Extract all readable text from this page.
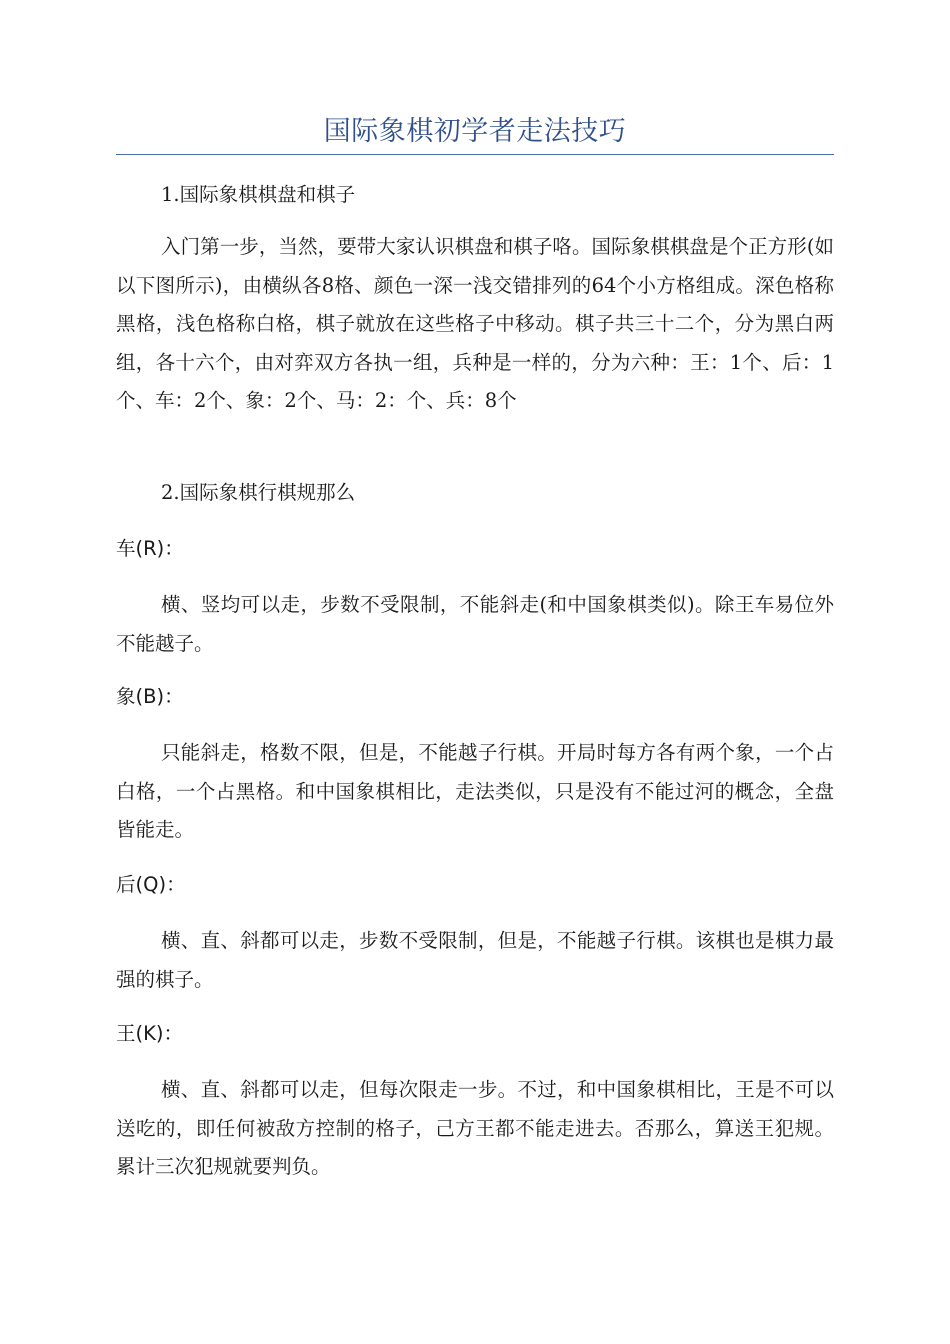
国际象棋初学者走法技巧

1.国际象棋棋盘和棋子

入门第一步，当然，要带大家认识棋盘和棋子咯。国际象棋棋盘是个正方形(如以下图所示)，由横纵各8格、颜色一深一浅交错排列的64个小方格组成。深色格称黑格，浅色格称白格，棋子就放在这些格子中移动。棋子共三十二个，分为黑白两组，各十六个，由对弈双方各执一组，兵种是一样的，分为六种：王：1个、后：1个、车：2个、象：2个、马：2：个、兵：8个

2.国际象棋行棋规那么

车(R)：

横、竖均可以走，步数不受限制，不能斜走(和中国象棋类似)。除王车易位外不能越子。

象(B)：

只能斜走，格数不限，但是，不能越子行棋。开局时每方各有两个象，一个占白格，一个占黑格。和中国象棋相比，走法类似，只是没有不能过河的概念，全盘皆能走。

后(Q)：

横、直、斜都可以走，步数不受限制，但是，不能越子行棋。该棋也是棋力最强的棋子。

王(K)：

横、直、斜都可以走，但每次限走一步。不过，和中国象棋相比，王是不可以送吃的，即任何被敌方控制的格子，己方王都不能走进去。否那么，算送王犯规。累计三次犯规就要判负。
